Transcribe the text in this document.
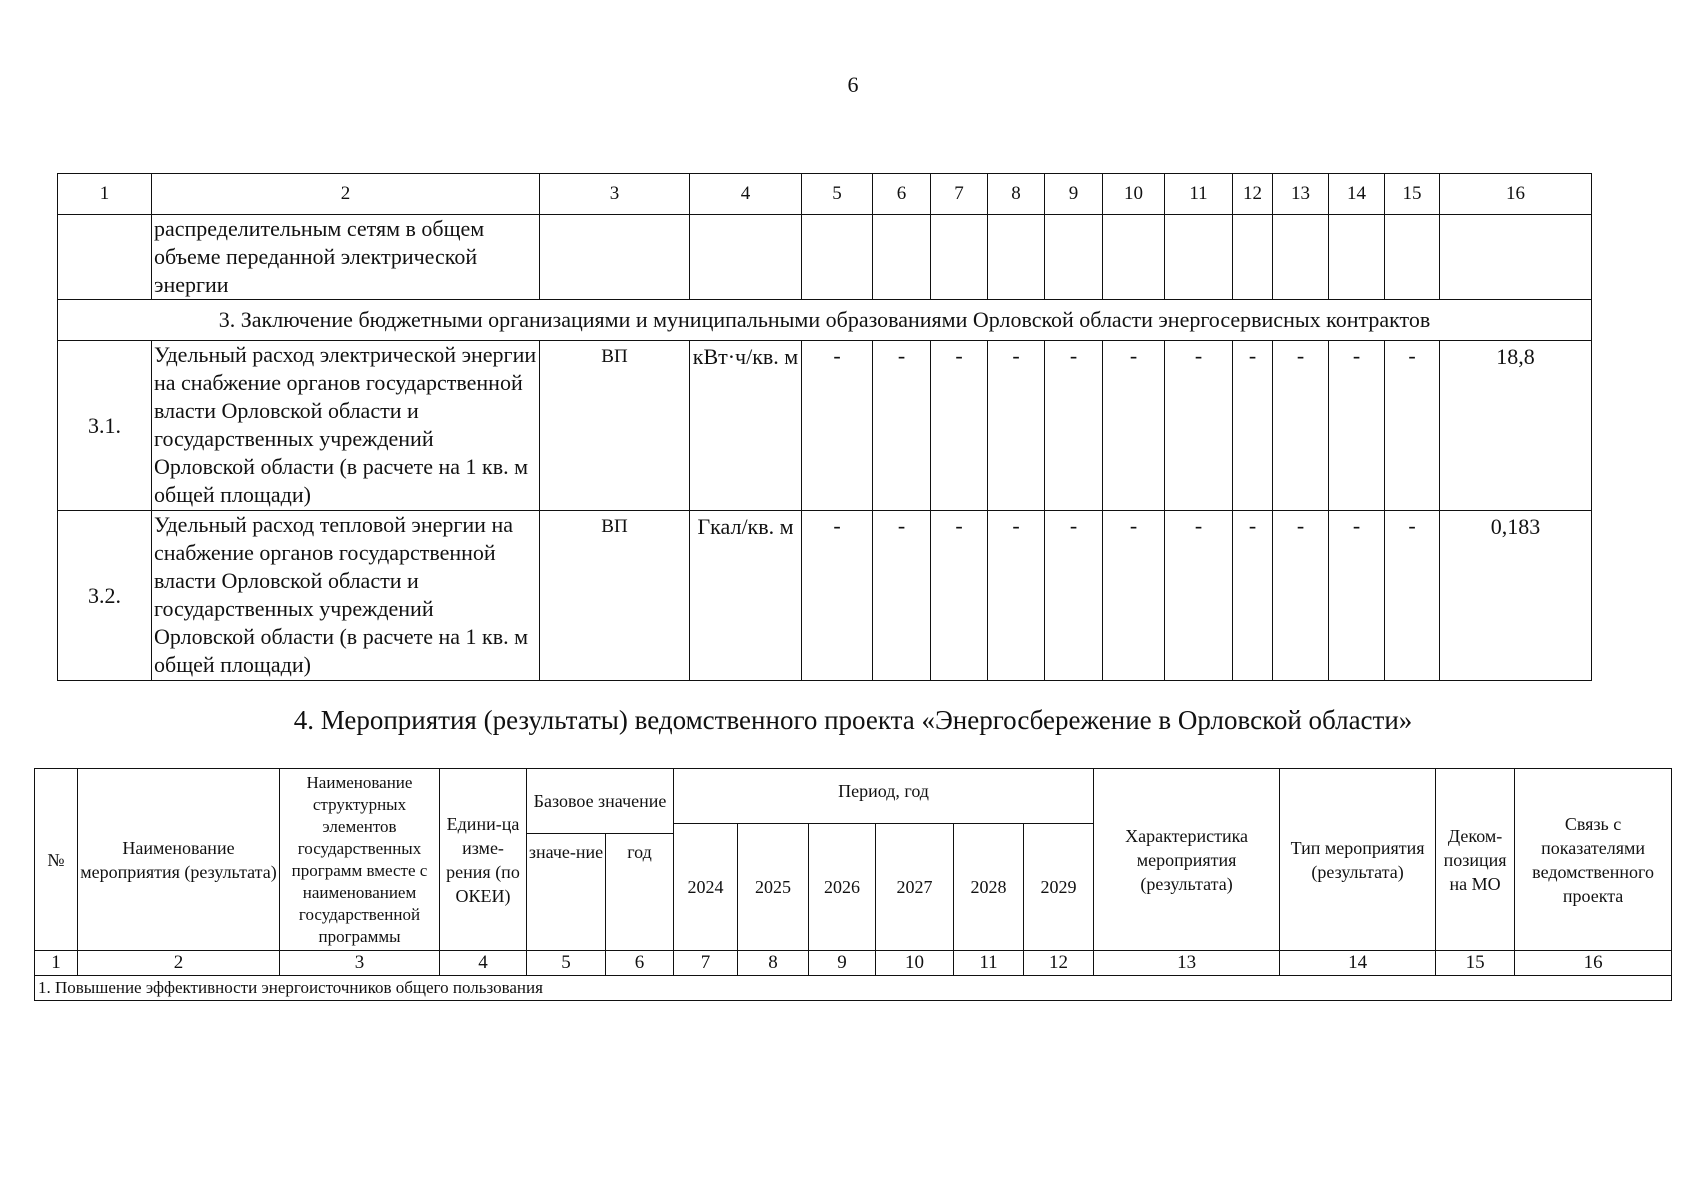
6
1	2	3	4	5	6	7	8	9	10	11	12	13	14	15	16
	распределительным сетям в общем объеме переданной электрической энергии														
3. Заключение бюджетными организациями и муниципальными образованиями Орловской области энергосервисных контрактов															
3.1.	Удельный расход электрической энергии на снабжение органов государственной власти Орловской области и государственных учреждений Орловской области (в расчете на 1 кв. м общей площади)	ВП	кВт·ч/кв. м	-	-	-	-	-	-	-	-	-	-	-	18,8
3.2.	Удельный расход тепловой энергии на снабжение органов государственной власти Орловской области и государственных учреждений Орловской области (в расчете на 1 кв. м общей площади)	ВП	Гкал/кв. м	-	-	-	-	-	-	-	-	-	-	-	0,183
4. Мероприятия (результаты) ведомственного проекта «Энергосбережение в Орловской области»
№	Наименование мероприятия (результата)	Наименование структурных элементов государственных программ вместе с наименованием государственной программы	Едини-ца изме-рения (по ОКЕИ)	Базовое значение		Период, год						Характеристика мероприятия (результата)	Тип мероприятия (результата)	Деком-позиция на МО	Связь с показателями ведомственного проекта
						2024	2025	2026	2027	2028	2029				
				значе-ние	год										
1	2	3	4	5	6	7	8	9	10	11	12	13	14	15	16
1. Повышение эффективности энергоисточников общего пользования															
